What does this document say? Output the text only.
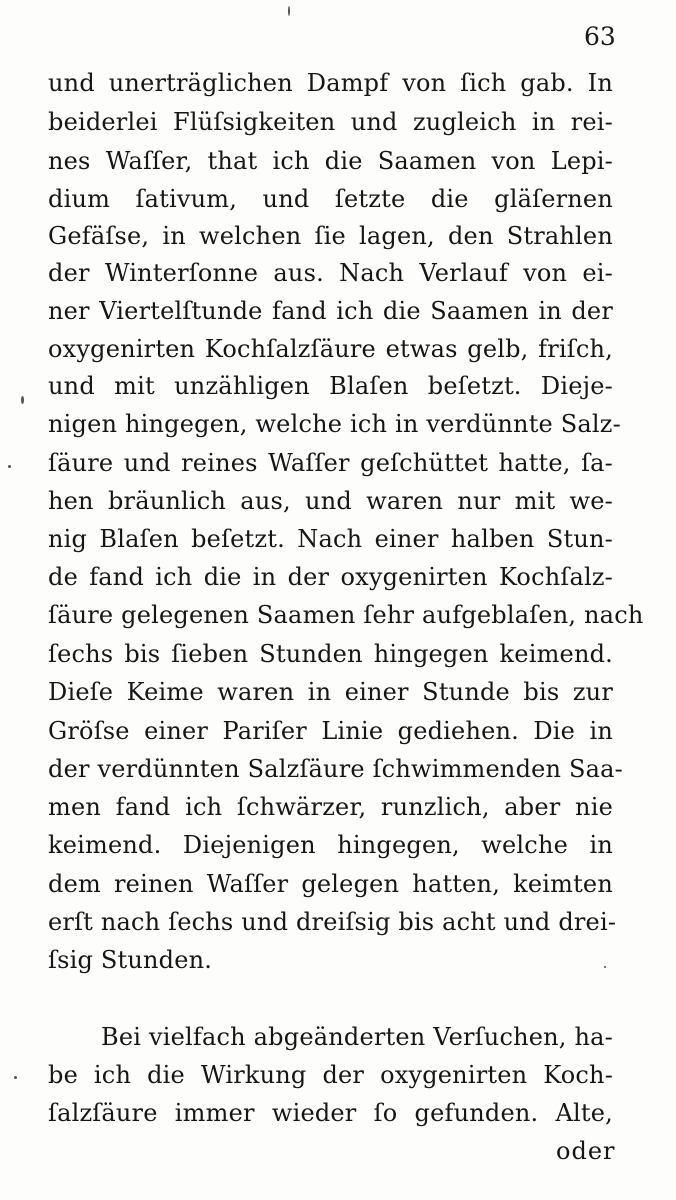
63
und unerträglichen Dampf von ſich gab. In
beiderlei Flüſsigkeiten und zugleich in rei-
nes Waſſer, that ich die Saamen von Lepi-
dium ſativum, und ſetzte die gläſernen
Gefäſse, in welchen ſie lagen, den Strahlen
der Winterſonne aus. Nach Verlauf von ei-
ner Viertelſtunde fand ich die Saamen in der
oxygenirten Kochſalzſäure etwas gelb, friſch,
und mit unzähligen Blaſen beſetzt. Dieje-
nigen hingegen, welche ich in verdünnte Salz-
ſäure und reines Waſſer geſchüttet hatte, ſa-
hen bräunlich aus, und waren nur mit we-
nig Blaſen beſetzt. Nach einer halben Stun-
de fand ich die in der oxygenirten Kochſalz-
ſäure gelegenen Saamen ſehr aufgeblaſen, nach
ſechs bis ſieben Stunden hingegen keimend.
Dieſe Keime waren in einer Stunde bis zur
Gröſse einer Pariſer Linie gediehen. Die in
der verdünnten Salzſäure ſchwimmenden Saa-
men fand ich ſchwärzer, runzlich, aber nie
keimend. Diejenigen hingegen, welche in
dem reinen Waſſer gelegen hatten, keimten
erſt nach ſechs und dreiſsig bis acht und drei-
ſsig Stunden.
Bei vielfach abgeänderten Verſuchen, ha-
be ich die Wirkung der oxygenirten Koch-
ſalzſäure immer wieder ſo gefunden. Alte,
oder
